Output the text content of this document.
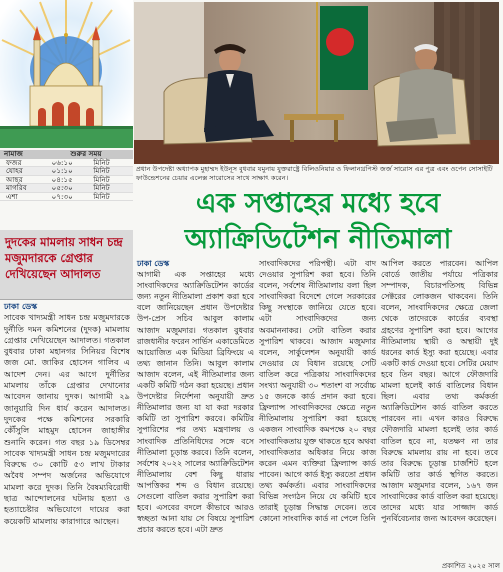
নামাজ	শুরুর সময়
ফজর	০৬:১০	মিনিট
যোহর	০১:১০	মিনিট
আছর	০৪:১৫	মিনিট
মাগরিব	০৫:৩০	মিনিট
এশা	০৭:৩০	মিনিট
দুদকের মামলায় সাধন চন্দ্র মজুমদারকে গ্রেপ্তার দেখিয়েছেন আদালত
ঢাকা ডেস্ক
সাবেক খাদ্যমন্ত্রী সাধন চন্দ্র মজুমদারকে দুর্নীতি দমন কমিশনের (দুদক) মামলায় গ্রেপ্তার দেখিয়েছেন আদালত। গতকাল বুধবার ঢাকা মহানগর সিনিয়র বিশেষ জজ মো. জাকির হোসেন গালিব এ আদেশ দেন। এর আগে দুর্নীতির মামলায় তাঁকে গ্রেপ্তার দেখানোর আবেদন জানায় দুদক। আগামী ২৯ জানুয়ারি দিন ধার্য করেন আদালত। দুদকের পক্ষে কমিশনের সরকারি কৌঁসুলি মাহমুদ হোসেন জাহাঙ্গীর শুনানি করেন। গত বছর ১৯ ডিসেম্বর সাবেক খাদ্যমন্ত্রী সাধন চন্দ্র মজুমদারের বিরুদ্ধে ৩০ কোটি ৫৩ লাখ টাকার অবৈধ সম্পদ অর্জনের অভিযোগে মামলা করে দুদক। তিনি বৈষম্যবিরোধী ছাত্র আন্দোলনের ঘটনায় হত্যা ও হত্যাচেষ্টার অভিযোগে দায়ের করা কয়েকটি মামলায় কারাগারে আছেন।
প্রধান উপদেষ্টা অধ্যাপক মুহাম্মদ ইউনূস বুধবার যমুনায় যুক্তরাষ্ট্রে বিলিওনিয়ার ও ফিলানথ্রপিস্ট জর্জ সারোস এর পুত্র এবং ওপেন সোসাইটি ফাউন্ডেশনের চেয়ার এলেক্স সারোসের সাথে সাক্ষাৎ করেন।
এক সপ্তাহের মধ্যে হবে
অ্যাক্রিডিটেশন নীতিমালা
ঢাকা ডেস্ক
আগামী এক সপ্তাহের মধ্যে সাংবাদিকদের অ্যাক্রিডিটেশন কার্ডের জন্য নতুন নীতিমালা প্রকাশ করা হবে বলে জানিয়েছেন প্রধান উপদেষ্টার উপ-প্রেস সচিব আবুল কালাম আজাদ মজুমদার। গতকাল বুধবার রাজধানীর ফরেন সার্ভিস একাডেমিতে আয়োজিত এক মিডিয়া ব্রিফিংয়ে এ তথ্য জানান তিনি। আবুল কালাম আজাদ বলেন, এই নীতিমালার জন্য একটি কমিটি গঠন করা হয়েছে। প্রধান উপদেষ্টার নির্দেশনা অনুযায়ী দ্রুত নীতিমালার জন্য যা যা করা দরকার কমিটি তা সুপারিশ করবে। কমিটির সুপারিশের পর তথ্য মন্ত্রণালয় ও সাংবাদিক প্রতিনিধিদের সঙ্গে বসে নীতিমালা চূড়ান্ত করবে। তিনি বলেন, সর্বশেষ ২০২২ সালের অ্যাক্রিডিটেশন নীতিমালায় বেশ কিছু ধারায় আপত্তিকর শব্দ ও বিধান রয়েছে। সেগুলো বাতিল করার সুপারিশ করা হবে। এসবের বদলে কীভাবে আরও স্বচ্ছতা আনা যায় সে বিষয়ে সুপারিশ প্রচার করতে হবে। এটা দ্রুত
সাংবাদিকদের পরিপন্থী। এটা বাদ দেওয়ার সুপারিশ করা হবে। তিনি বলেন, সর্বশেষ নীতিমালায় বলা ছিল সাংবাদিকরা বিদেশে গেলে সরকারের কিছু সংস্থাকে জানিয়ে যেতে হবে। এটা সাংবাদিকদের জন্য অবমাননাকর। সেটা বাতিল করার সুপারিশ থাকবে। আজাদ মজুমদার বলেন, সার্কুলেশন অনুযায়ী কার্ড দেওয়ার যে বিধান রয়েছে সেটি বাতিল করে পত্রিকায় সাংবাদিকদের সংখ্যা অনুযায়ী ৩০ শতাংশ বা সর্বোচ্চ ১৫ জনকে কার্ড প্রদান করা হবে। ফ্রিল্যান্স সাংবাদিকদের ক্ষেত্রে নতুন নীতিমালায় সুপারিশ করা হয়েছে একজন সাংবাদিক কমপক্ষে ২০ বছর সাংবাদিকতায় যুক্ত থাকতে হবে অথবা সাংবাদিকতার অধিকার নিয়ে কাজ করেন এমন ব্যক্তিরা ফ্রিল্যান্স কার্ড পাবেন। আগে কার্ড ইস্যু করতো প্রধান তথ্য কর্মকর্তা। এবার সাংবাদিকদের বিভিন্ন সংগঠন নিয়ে যে কমিটি হবে তারাই চূড়ান্ত সিদ্ধান্ত দেবেন। তবে কোনো সাংবাদিক কার্ড না পেলে তিনি
আপিল করতে পারবেন। আপিল বোর্ডে জাতীয় পর্যায়ে পত্রিকার সম্পাদক, বিচারপতিসহ বিভিন্ন সেক্টরের লোকজন থাকবেন। তিনি বলেন, সাংবাদিকদের ক্ষেত্রে জেলা থেকে তাদেরকে কার্ডের ব্যবস্থা গ্রহণের সুপারিশ করা হবে। আগের নীতিমালায় স্থায়ী ও অস্থায়ী দুই ধরনের কার্ড ইস্যু করা হয়েছে। এবার একটি কার্ড দেওয়া হবে। সেটির মেয়াদ হবে তিন বছর। আগে ফৌজদারি মামলা হলেই কার্ড বাতিলের বিধান ছিল। এবার তথ্য কর্মকর্তা অ্যাক্রিডিটেশন কার্ড বাতিল করতে পারবেন না। এখন কারও বিরুদ্ধে ফৌজদারি মামলা হলেই তার কার্ড বাতিল হবে না, যতক্ষণ না তার বিরুদ্ধে মামলায় রায় না হবে। তবে তার বিরুদ্ধে চূড়ান্ত চার্জশিট হলে কমিটি তার কার্ড স্থগিত করতে। আজাদ মজুমদার বলেন, ১৬৭ জন সাংবাদিকের কার্ড বাতিল করা হয়েছে। তাদের মধ্যে যার সাজ্জাদ কার্ড পুনর্বিবেচনার জন্য আবেদন করেছেন।
প্রকাশিত ২০২৫ সাল
